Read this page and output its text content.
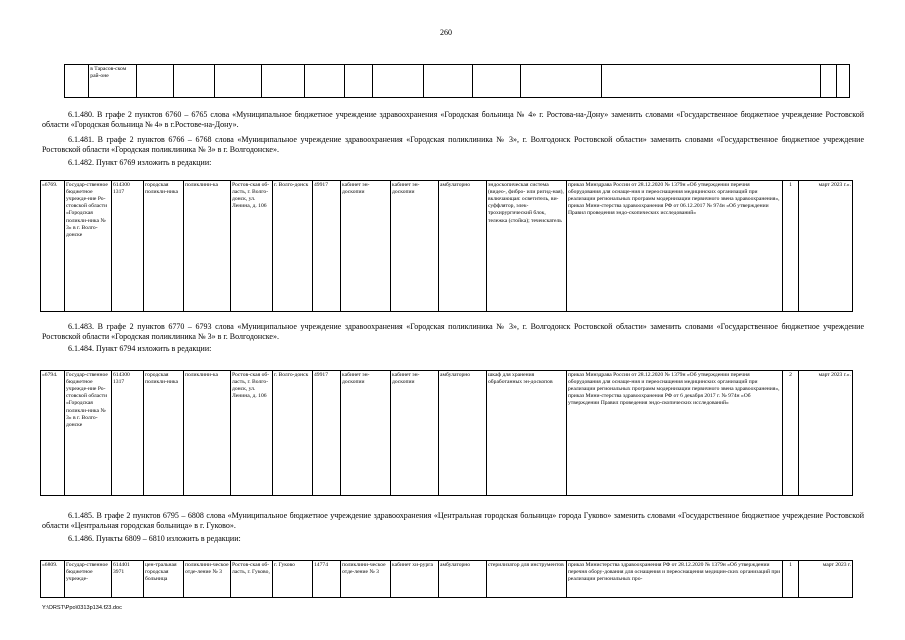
260
	в Тарасов-ском рай-оне													
6.1.480. В графе 2 пунктов 6760 – 6765 слова «Муниципальное бюджетное учреждение здравоохранения «Городская больница № 4» г. Ростова-на-Дону» заменить словами «Государственное бюджетное учреждение Ростовской области «Городская больница № 4» в г.Ростове-на-Дону».
6.1.481. В графе 2 пунктов 6766 – 6768 слова «Муниципальное учреждение здравоохранения «Городская поликлиника № 3», г. Волгодонск Ростовской области» заменить словами «Государственное бюджетное учреждение Ростовской области «Городская поликлиника № 3» в г. Волгодонске».
6.1.482. Пункт 6769 изложить в редакции:
«6769.	Государ-ственное бюджетное учрежде-ние Ро-стовской области «Городская поликли-ника № 3» в г. Волго-донске	614300 1317	городская поликли-ника	поликлини-ка	Ростов-ская об-ласть, г. Волго-донск, ул. Ленина, д. 106	г. Волго-донск	49917	кабинет эн-доскопии	кабинет эн-доскопии	амбулаторно	эндоскопическая система (видео-, фибро- или ригид-ная), включающая: осветитель, ви-суффлятор, элек-трохирургический блок, тележка (стойка); течеискатель	приказ Минздрава России от 28.12.2020 № 1379н «Об утверждении перечня оборудования для оснаще-ния и переоснащения медицинских организаций при реализации региональных программ модернизации первичного звена здравоохранения», приказ Мини-стерства здравоохранения РФ от 06.12.2017 № 974н «Об утверждении Правил проведения эндо-скопических исследований»	1	март 2023 г.».
6.1.483. В графе 2 пунктов 6770 – 6793 слова «Муниципальное учреждение здравоохранения «Городская поликлиника № 3», г. Волгодонск Ростовской области» заменить словами «Государственное бюджетное учреждение Ростовской области «Городская поликлиника № 3» в г. Волгодонске».
6.1.484. Пункт 6794 изложить в редакции:
«6794.	Государ-ственное бюджетное учрежде-ние Ро-стовской области «Городская поликли-ника № 3» в г. Волго-донске	614300 1317	городская поликли-ника	поликлини-ка	Ростов-ская об-ласть, г. Волго-донск, ул. Ленина, д. 106	г. Волго-донск	49917	кабинет эн-доскопии	кабинет эн-доскопии	амбулаторно	шкаф для хранения обработанных эн-доскопов	приказ Минздрава России от 28.12.2020 № 1379н «Об утверждении перечня оборудования для оснаще-ния и переоснащения медицинских организаций при реализации региональных программ модернизации первичного звена здравоохранения», приказ Мини-стерства здравоохранения РФ от 6 декабря 2017 г. № 974н «Об утверждении Правил проведения эндо-скопических исследований»	2	март 2023 г.».
6.1.485. В графе 2 пунктов 6795 – 6808 слова «Муниципальное бюджетное учреждение здравоохранения «Центральная городская больница» города Гуково» заменить словами «Государственное бюджетное учреждение Ростовской области «Центральная городская больница» в г. Гуково».
6.1.486. Пункты 6809 – 6810 изложить в редакции:
«6809.	Государ-ственное бюджетное учрежде-	614401 3971	цен-тральная городская больница	поликлини-ческое отде-ление № 3	Ростов-ская об-ласть, г. Гуково,	г. Гуково	14774	поликлини-ческое отде-ление № 3	кабинет хи-рурга	амбулаторно	стерилизатор для инструментов	приказ Министерства здравоохранения РФ от 28.12.2020 № 1379н «Об утверждении перечня обору-дования для оснащения и переоснащения медицин-ских организаций при реализации региональных про-	1	март 2023 г.
Y:\ORST\Ppo\0313p134.f23.doc
